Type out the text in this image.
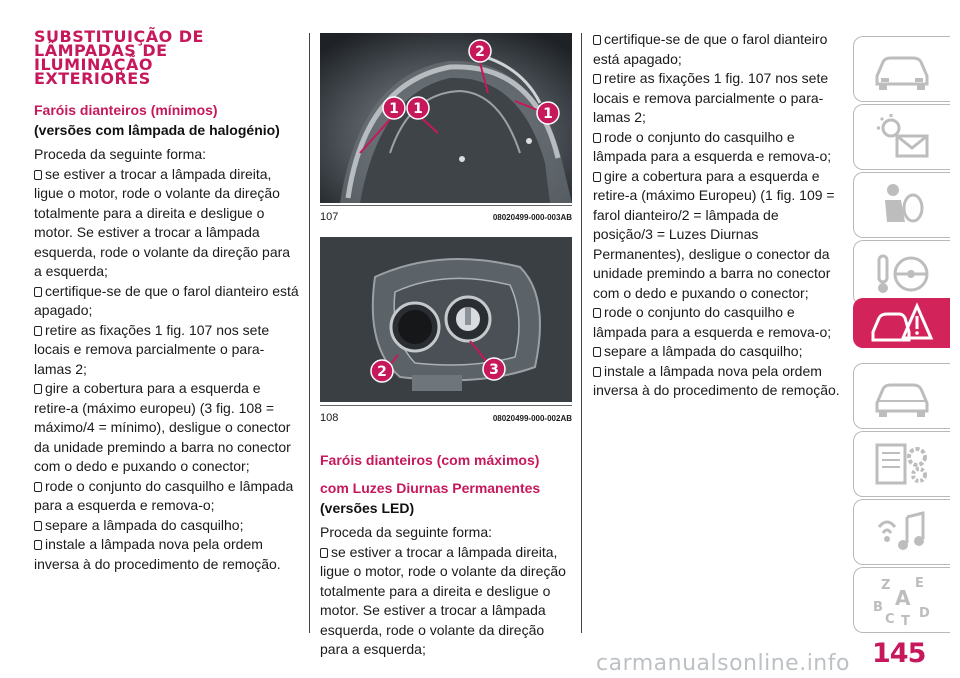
SUBSTITUIÇÃO DE
LÂMPADAS DE
ILUMINAÇÃO
EXTERIORES
Faróis dianteiros (mínimos)
(versões com lâmpada de halogénio)

Proceda da seguinte forma:

se estiver a trocar a lâmpada direita, ligue o motor, rode o volante da direção totalmente para a direita e desligue o motor. Se estiver a trocar a lâmpada esquerda, rode o volante da direção para a esquerda;

certifique-se de que o farol dianteiro está apagado;

retire as fixações 1 fig. 107 nos sete locais e remova parcialmente o para-lamas 2;

gire a cobertura para a esquerda e retire-a (máximo europeu) (3 fig. 108 = máximo/4 = mínimo), desligue o conector da unidade premindo a barra no conector com o dedo e puxando o conector;

rode o conjunto do casquilho e lâmpada para a esquerda e remova-o;

separe a lâmpada do casquilho;

instale a lâmpada nova pela ordem inversa à do procedimento de remoção.

1 1
2
1
107	08020499-000-003AB
2	3
108	08020499-000-002AB
Faróis dianteiros (com máximos) com Luzes Diurnas Permanentes
(versões LED)

Proceda da seguinte forma:

se estiver a trocar a lâmpada direita, ligue o motor, rode o volante da direção totalmente para a direita e desligue o motor. Se estiver a trocar a lâmpada esquerda, rode o volante da direção para a esquerda;

certifique-se de que o farol dianteiro está apagado;

retire as fixações 1 fig. 107 nos sete locais e remova parcialmente o para-lamas 2;

rode o conjunto do casquilho e lâmpada para a esquerda e remova-o;

gire a cobertura para a esquerda e retire-a (máximo Europeu) (1 fig. 109 = farol dianteiro/2 = lâmpada de posição/3 = Luzes Diurnas Permanentes), desligue o conector da unidade premindo a barra no conector com o dedo e puxando o conector;

rode o conjunto do casquilho e lâmpada para a esquerda e remova-o;

separe a lâmpada do casquilho;

instale a lâmpada nova pela ordem inversa à do procedimento de remoção.

Z E
A
B
C T
D
145
carmanualsonline.info
